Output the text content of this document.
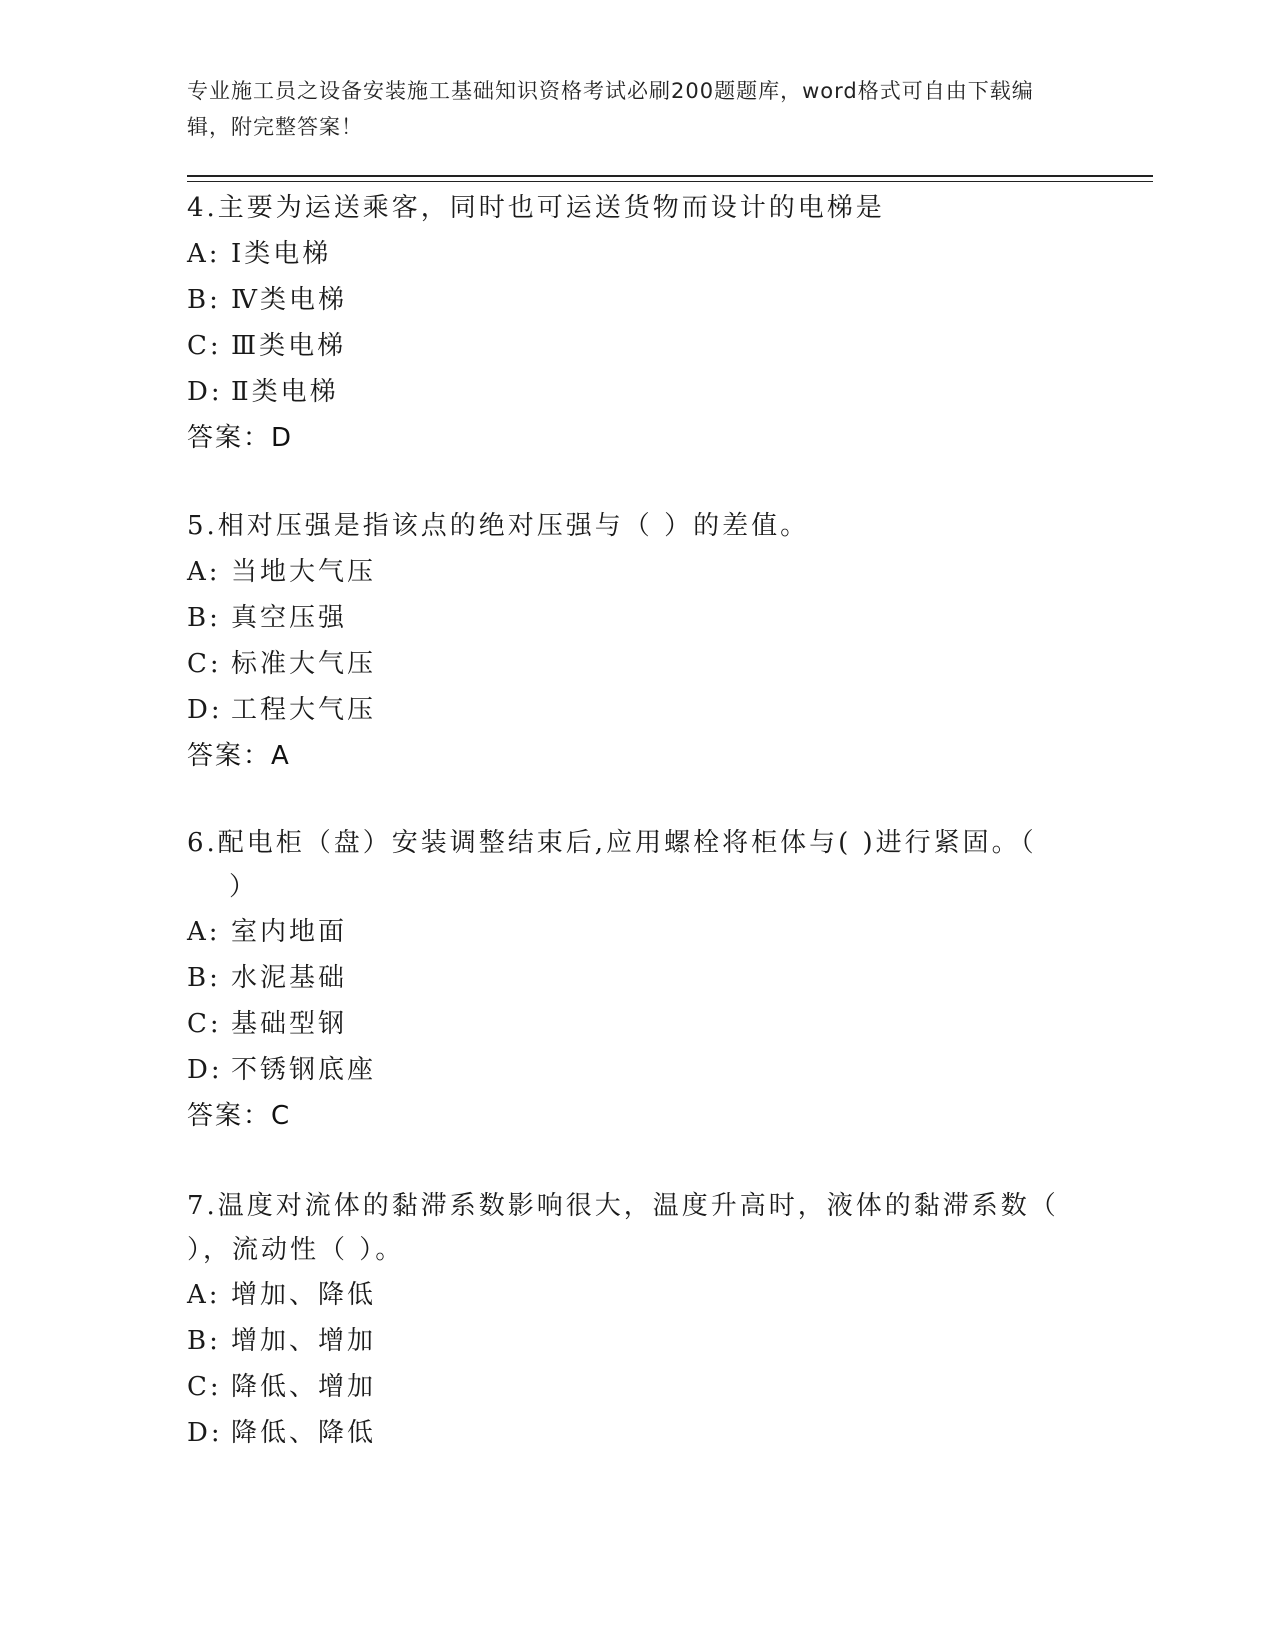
专业施工员之设备安装施工基础知识资格考试必刷200题题库，word格式可自由下载编辑，附完整答案！
4.主要为运送乘客，同时也可运送货物而设计的电梯是
A: Ⅰ类电梯
B: Ⅳ类电梯
C: Ⅲ类电梯
D: Ⅱ类电梯
答案：D
5.相对压强是指该点的绝对压强与（ ）的差值。
A: 当地大气压
B: 真空压强
C: 标准大气压
D: 工程大气压
答案：A
6.配电柜（盘）安装调整结束后,应用螺栓将柜体与( )进行紧固。（
）
A: 室内地面
B: 水泥基础
C: 基础型钢
D: 不锈钢底座
答案：C
7.温度对流体的黏滞系数影响很大，温度升高时，液体的黏滞系数（
），流动性（ ）。
A: 增加、降低
B: 增加、增加
C: 降低、增加
D: 降低、降低
